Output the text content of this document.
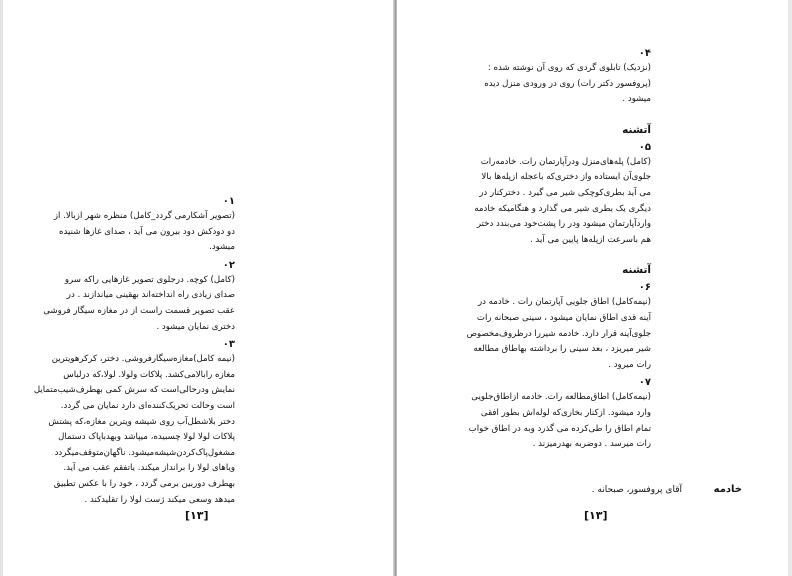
۰۱
(تصویر آشکارمی گردد_کامل) منظره شهر ازبالا. از
دو دودکش دود بیرون می آید ، صدای غازها شنیده
میشود.
۰۲
(کامل) کوچه. درجلوی تصویر غازهایی راکه سرو
صدای زیادی راه انداخته‌اند بهقینی میاندازند . در
عقب تصویر قسمت راست از در مغازه سیگار فروشی
دختری نمایان میشود .
۰۳
(نیمه کامل)مغازه‌سیگارفروشی. دختر، کرکرهویترین
مغازه رابالامی‌کشد. پلاکات ولولا. لولا،که درلباس
نمایش ودرحالی‌است که سرش کمی بهطرف‌شیب‌متمایل
است وحالت تحریک‌کننده‌ای دارد نمایان می گردد.
دختر بلاشطل‌آب روی شیشه ویترین مغازه،که پشتش
پلاکات لولا لولا چسبیده، میپاشد وبهدباپاک دستمال
مشغول‌پاک‌کردن‌شیشه‌میشود. ناگهان‌متوقف‌میگردد
ویاهای لولا را برانداز میکند. یاتفقم عقب می آید.
بهطرف دوربین برمی گردد ، خود را با عکس تطبیق
میدهد وسعی میکند ژست لولا را تقلیدکند .
[۱۳]
۰۴
(نزدیک) تابلوی گردی که روی آن نوشته شده :
(پروفسور دکتر رات) روی در ورودی منزل دیده
میشود .
آتشنه
۰۵
(کامل) پله‌های‌منزل ودرآپارتمان رات. خادمه‌رات
جلوی‌آن ایستاده واز دختری‌که باعجله ازپله‌ها بالا
می آید بطری‌کوچکی شیر می گیرد . دخترکنار در
دیگری یک بطری شیر می گذارد و هنگامیکه خادمه
وارد‌آپارتمان میشود ودر را پشت‌خود می‌بندد دختر
هم باسرعت ازپله‌ها پایین می آید .
آتشنه
۰۶
(نیمه‌کامل) اطاق جلویی آپارتمان رات . خادمه در
آینه قدی اطاق نمایان میشود ، سینی صبحانه رات
جلوی‌آینه قرار دارد. خادمه شیررا درظروف‌مخصوص
شیر میریزد ، بعد سینی را برداشته بهاطاق مطالعه
رات میرود .
۰۷
(نیمه‌کامل) اطاق‌مطالعه رات. خادمه ازاطاق‌جلویی
وارد میشود. ازکنار بخاری‌که لوله‌اش بطور افقی
تمام اطاق را طی‌کرده می گذرد وبه در اطاق خواب
رات میرسد . دوضربه بهدرمیزند .
خادمه
آقای پروفسور، صبحانه .
[۱۳]
